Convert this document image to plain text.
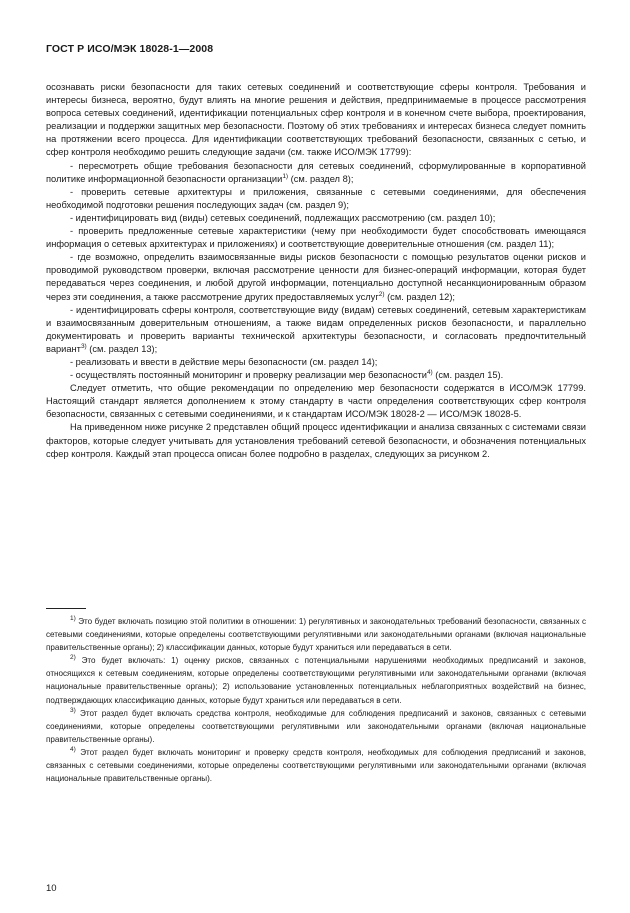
ГОСТ Р ИСО/МЭК 18028-1—2008

осознавать риски безопасности для таких сетевых соединений и соответствующие сферы контроля. Требования и интересы бизнеса, вероятно, будут влиять на многие решения и действия, предпринимаемые в процессе рассмотрения вопроса сетевых соединений, идентификации потенциальных сфер контроля и в конечном счете выбора, проектирования, реализации и поддержки защитных мер безопасности. Поэтому об этих требованиях и интересах бизнеса следует помнить на протяжении всего процесса. Для идентификации соответствующих требований безопасности, связанных с сетью, и сфер контроля необходимо решить следующие задачи (см. также ИСО/МЭК 17799):

- пересмотреть общие требования безопасности для сетевых соединений, сформулированные в корпоративной политике информационной безопасности организации$^{1)}$ (см. раздел 8);

- проверить сетевые архитектуры и приложения, связанные с сетевыми соединениями, для обеспечения необходимой подготовки решения последующих задач (см. раздел 9);

- идентифицировать вид (виды) сетевых соединений, подлежащих рассмотрению (см. раздел 10);

- проверить предложенные сетевые характеристики (чему при необходимости будет способствовать имеющаяся информация о сетевых архитектурах и приложениях) и соответствующие доверительные отношения (см. раздел 11);

- где возможно, определить взаимосвязанные виды рисков безопасности с помощью результатов оценки рисков и проводимой руководством проверки, включая рассмотрение ценности для бизнес-операций информации, которая будет передаваться через соединения, и любой другой информации, потенциально доступной несанкционированным образом через эти соединения, а также рассмотрение других предоставляемых услуг$^{2)}$ (см. раздел 12);

- идентифицировать сферы контроля, соответствующие виду (видам) сетевых соединений, сетевым характеристикам и взаимосвязанным доверительным отношениям, а также видам определенных рисков безопасности, и параллельно документировать и проверить варианты технической архитектуры безопасности, и согласовать предпочтительный вариант$^{3)}$ (см. раздел 13);

- реализовать и ввести в действие меры безопасности (см. раздел 14);

- осуществлять постоянный мониторинг и проверку реализации мер безопасности$^{4)}$ (см. раздел 15).

Следует отметить, что общие рекомендации по определению мер безопасности содержатся в ИСО/МЭК 17799. Настоящий стандарт является дополнением к этому стандарту в части определения соответствующих сфер контроля безопасности, связанных с сетевыми соединениями, и к стандартам ИСО/МЭК 18028-2 — ИСО/МЭК 18028-5.

На приведенном ниже рисунке 2 представлен общий процесс идентификации и анализа связанных с системами связи факторов, которые следует учитывать для установления требований сетевой безопасности, и обозначения потенциальных сфер контроля. Каждый этап процесса описан более подробно в разделах, следующих за рисунком 2.

$^{1)}$ Это будет включать позицию этой политики в отношении: 1) регулятивных и законодательных требований безопасности, связанных с сетевыми соединениями, которые определены соответствующими регулятивными или законодательными органами (включая национальные правительственные органы); 2) классификации данных, которые будут храниться или передаваться в сети.

$^{2)}$ Это будет включать: 1) оценку рисков, связанных с потенциальными нарушениями необходимых предписаний и законов, относящихся к сетевым соединениям, которые определены соответствующими регулятивными или законодательными органами (включая национальные правительственные органы); 2) использование установленных потенциальных неблагоприятных воздействий на бизнес, подтверждающих классификацию данных, которые будут храниться или передаваться в сети.

$^{3)}$ Этот раздел будет включать средства контроля, необходимые для соблюдения предписаний и законов, связанных с сетевыми соединениями, которые определены соответствующими регулятивными или законодательными органами (включая национальные правительственные органы).

$^{4)}$ Этот раздел будет включать мониторинг и проверку средств контроля, необходимых для соблюдения предписаний и законов, связанных с сетевыми соединениями, которые определены соответствующими регулятивными или законодательными органами (включая национальные правительственные органы).

10
